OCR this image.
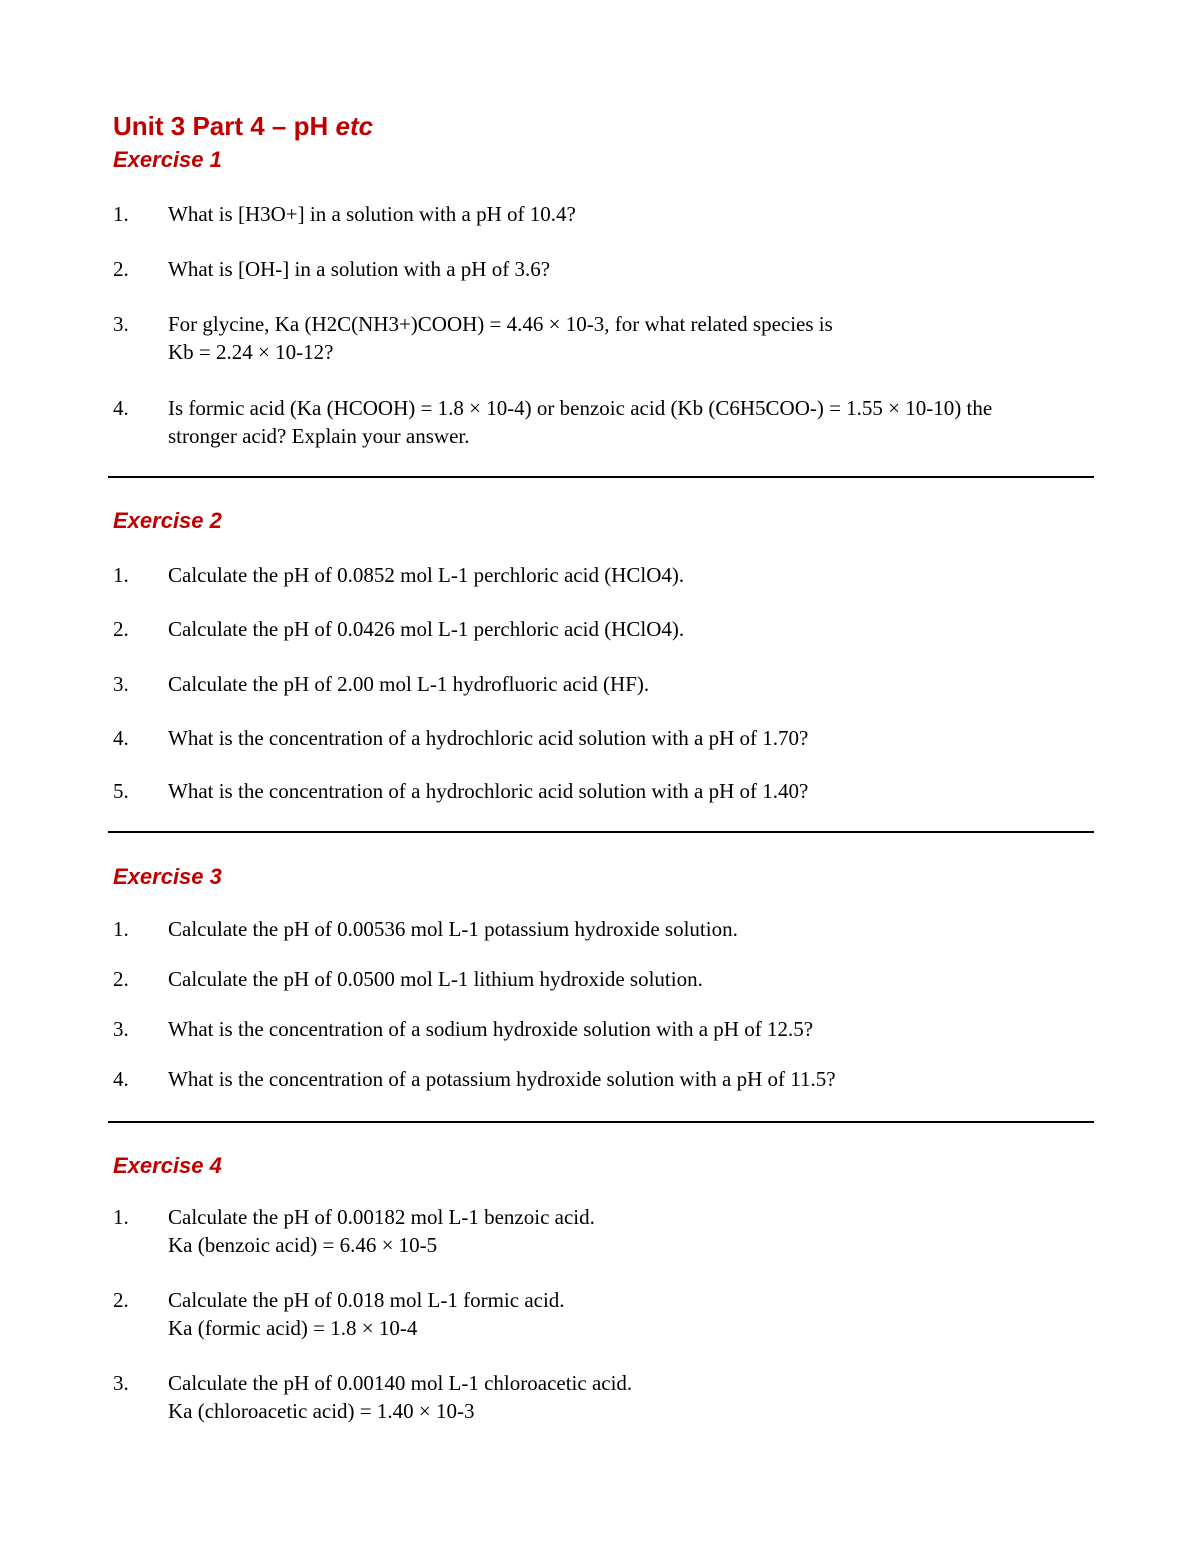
Unit 3 Part 4 – pH etc
Exercise 1
1. What is [H3O+] in a solution with a pH of 10.4?
2. What is [OH-] in a solution with a pH of 3.6?
3. For glycine, Ka (H2C(NH3+)COOH) = 4.46 × 10-3, for what related species is
Kb = 2.24 × 10-12?
4. Is formic acid (Ka (HCOOH) = 1.8 × 10-4) or benzoic acid (Kb (C6H5COO-) = 1.55 × 10-10) the
stronger acid? Explain your answer.
Exercise 2
1. Calculate the pH of 0.0852 mol L-1 perchloric acid (HClO4).
2. Calculate the pH of 0.0426 mol L-1 perchloric acid (HClO4).
3. Calculate the pH of 2.00 mol L-1 hydrofluoric acid (HF).
4. What is the concentration of a hydrochloric acid solution with a pH of 1.70?
5. What is the concentration of a hydrochloric acid solution with a pH of 1.40?
Exercise 3
1. Calculate the pH of 0.00536 mol L-1 potassium hydroxide solution.
2. Calculate the pH of 0.0500 mol L-1 lithium hydroxide solution.
3. What is the concentration of a sodium hydroxide solution with a pH of 12.5?
4. What is the concentration of a potassium hydroxide solution with a pH of 11.5?
Exercise 4
1. Calculate the pH of 0.00182 mol L-1 benzoic acid.
Ka (benzoic acid) = 6.46 × 10-5
2. Calculate the pH of 0.018 mol L-1 formic acid.
Ka (formic acid) = 1.8 × 10-4
3. Calculate the pH of 0.00140 mol L-1 chloroacetic acid.
Ka (chloroacetic acid) = 1.40 × 10-3
